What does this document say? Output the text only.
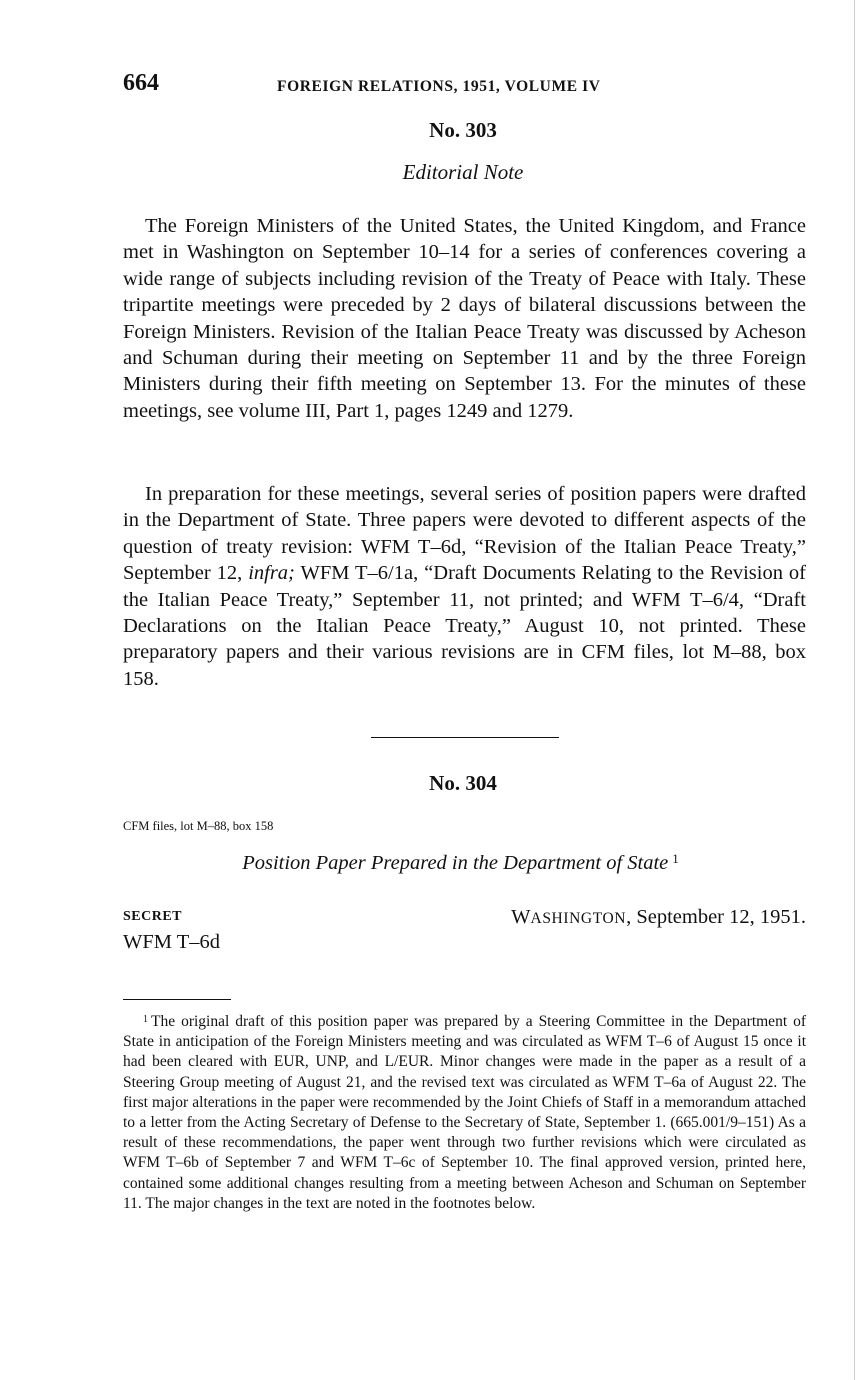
664	FOREIGN RELATIONS, 1951, VOLUME IV
No. 303
Editorial Note

The Foreign Ministers of the United States, the United Kingdom, and France met in Washington on September 10–14 for a series of conferences covering a wide range of subjects including revision of the Treaty of Peace with Italy. These tripartite meetings were preceded by 2 days of bilateral discussions between the Foreign Ministers. Revision of the Italian Peace Treaty was discussed by Acheson and Schuman during their meeting on September 11 and by the three Foreign Ministers during their fifth meeting on September 13. For the minutes of these meetings, see volume III, Part 1, pages 1249 and 1279.

In preparation for these meetings, several series of position papers were drafted in the Department of State. Three papers were devoted to different aspects of the question of treaty revision: WFM T–6d, “Revision of the Italian Peace Treaty,” September 12, infra; WFM T–6/1a, “Draft Documents Relating to the Revision of the Italian Peace Treaty,” September 11, not printed; and WFM T–6/4, “Draft Declarations on the Italian Peace Treaty,” August 10, not printed. These preparatory papers and their various revisions are in CFM files, lot M–88, box 158.

No. 304
CFM files, lot M–88, box 158
Position Paper Prepared in the Department of State $^1$
SECRET
WFM T–6d
WASHINGTON, September 12, 1951.

$^1$ The original draft of this position paper was prepared by a Steering Committee in the Department of State in anticipation of the Foreign Ministers meeting and was circulated as WFM T–6 of August 15 once it had been cleared with EUR, UNP, and L/EUR. Minor changes were made in the paper as a result of a Steering Group meeting of August 21, and the revised text was circulated as WFM T–6a of August 22. The first major alterations in the paper were recommended by the Joint Chiefs of Staff in a memorandum attached to a letter from the Acting Secretary of Defense to the Secretary of State, September 1. (665.001/9–151) As a result of these recommendations, the paper went through two further revisions which were circulated as WFM T–6b of September 7 and WFM T–6c of September 10. The final approved version, printed here, contained some additional changes resulting from a meeting between Acheson and Schuman on September 11. The major changes in the text are noted in the footnotes below.
